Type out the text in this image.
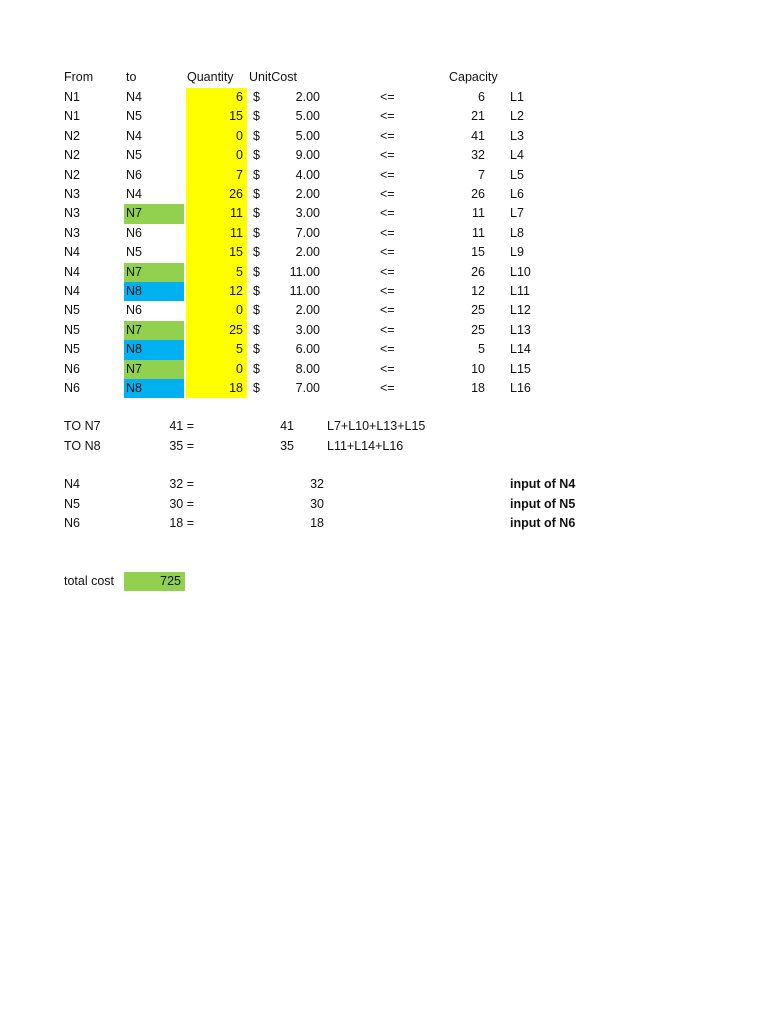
From	to	Quantity UnitCost	Capacity
N1	N4	6 $	2.00	<=	6 L1
N1	N5	15 $	5.00	<=	21 L2
N2	N4	0 $	5.00	<=	41 L3
N2	N5	0 $	9.00	<=	32 L4
N2	N6	7 $	4.00	<=	7 L5
N3	N4	26 $	2.00	<=	26 L6
N3	N7	11 $	3.00	<=	11 L7
N3	N6	11 $	7.00	<=	11 L8
N4	N5	15 $	2.00	<=	15 L9
N4	N7	5 $	11.00	<=	26 L10
N4	N8	12 $	11.00	<=	12 L11
N5	N6	0 $	2.00	<=	25 L12
N5	N7	25 $	3.00	<=	25 L13
N5	N8	5 $	6.00	<=	5 L14
N6	N7	0 $	8.00	<=	10 L15
N6	N8	18 $	7.00	<=	18 L16
TO N7	41 =	41	L7+L10+L13+L15
TO N8	35 =	35	L11+L14+L16
N4	32 =	32	input of N4
N5	30 =	30	input of N5
N6	18 =	18	input of N6
total cost	725
